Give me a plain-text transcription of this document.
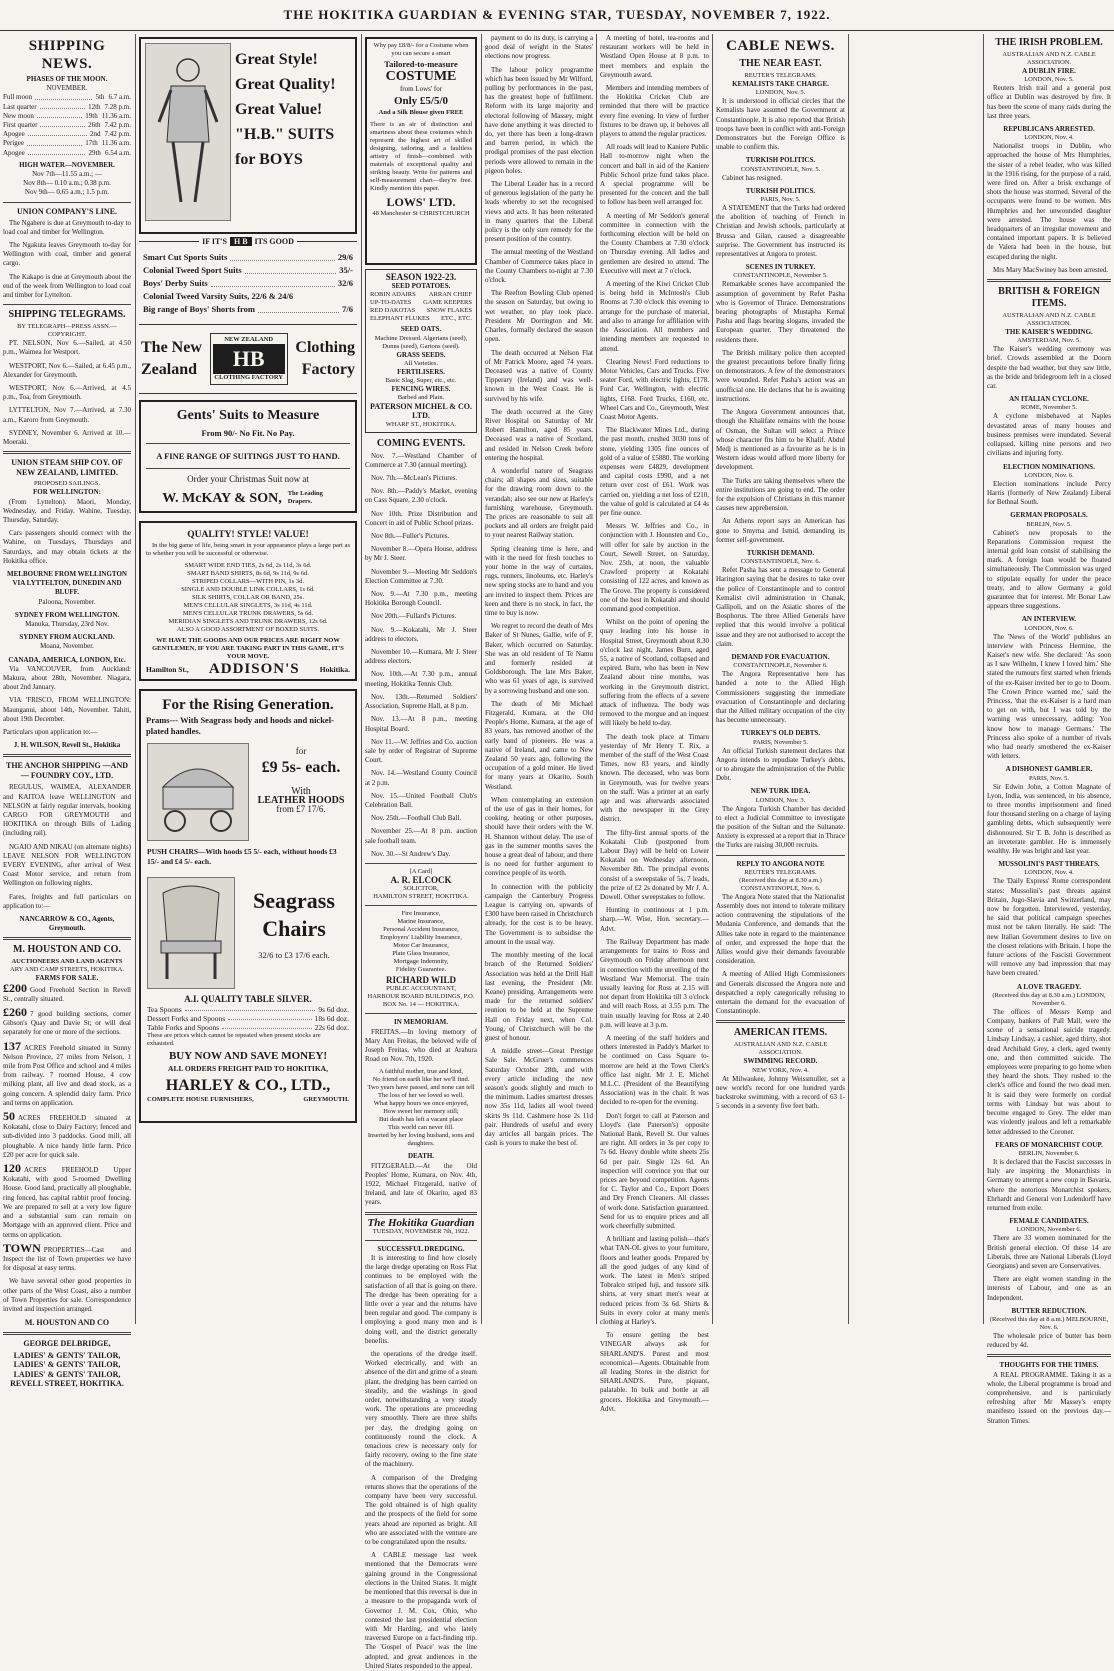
THE HOKITIKA GUARDIAN & EVENING STAR, TUESDAY, NOVEMBER 7, 1922.
SHIPPING NEWS.
PHASES OF THE MOON.
NOVEMBER.
Full moon	5th 6.7 a.m.
Last quarter	12th 7.28 p.m.
New moon	19th 11.36 a.m.
First quarter	26th 7.42 p.m.
Apogee	2nd 7.42 p.m.
Perigee	17th 11.36 a.m.
Apogee	29th 6.54 a.m.
HIGH WATER—NOVEMBER.
Nov 7th—11.55 a.m.; —
Nov 8th— 0.10 a.m.; 0.38 p.m.
Nov 9th— 0.65 a.m.; 1.5 p.m.
UNION COMPANY'S LINE.

The Ngahere is due at Greymouth to-day to load coal and timber for Wellington.

The Ngakuta leaves Greymouth to-day for Wellington with coal, timber and general cargo.

The Kakapo is due at Greymouth about the end of the week from Wellington to load coal and timber for Lyttelton.

SHIPPING TELEGRAMS.
BY TELEGRAPH—PRESS ASSN.—COPYRIGHT.

PT. NELSON, Nov 6.—Sailed, at 4.50 p.m., Waimea for Westport.

WESTPORT, Nov 6.—Sailed, at 6.45 p.m., Alexander for Greymouth.

WESTPORT, Nov 6.—Arrived, at 4.5 p.m., Toa, from Greymouth.

LYTTELTON, Nov 7.—Arrived, at 7.30 a.m., Karoro from Greymouth.

SYDNEY, November 6. Arrived at 10.—Moeraki.

UNION STEAM SHIP COY. OF NEW ZEALAND, LIMITED.
PROPOSED SAILINGS.
FOR WELLINGTON:

(From Lyttelton). Maori, Monday, Wednesday, and Friday. Wahine, Tuesday, Thursday, Saturday.

Cars passengers should connect with the Wahine, on Tuesdays, Thursdays and Saturdays, and may obtain tickets at the Hokitika office.

MELBOURNE FROM WELLINGTON VIA LYTTELTON, DUNEDIN AND BLUFF.

Paloona, November.

SYDNEY FROM WELLINGTON.

Manuka, Thursday, 23rd Nov.

SYDNEY FROM AUCKLAND.

Moana, November.

CANADA, AMERICA, LONDON, Etc.

Via VANCOUVER, from Auckland: Makura, about 28th, November. Niagara, about 2nd January.

VIA 'FRISCO, FROM WELLINGTON: Maunganui, about 14th, November. Tahiti, about 19th December.

Particulars upon application to:—

J. H. WILSON, Revell St., Hokitika

THE ANCHOR SHIPPING —AND— FOUNDRY COY., LTD.

REGULUS, WAIMEA, ALEXANDER and KAITOA leave WELLINGTON and NELSON at fairly regular intervals, booking CARGO FOR GREYMOUTH and HOKITIKA on through Bills of Lading (including rail).

NGAIO AND NIKAU (on alternate nights) LEAVE NELSON FOR WELLINGTON EVERY EVENING, after arrival of West Coast Motor service, and return from Wellington on following nights.

Fares, freights and full particulars on application to:—

NANCARROW & CO., Agents, Greymouth.

M. HOUSTON AND CO.
AUCTIONEERS AND LAND AGENTS
ARY AND CAMP STREETS, HOKITIKA.
FARMS FOR SALE.

£200 Good Freehold Section in Revell St., centrally situated.

£260 7 good building sections, corner Gibson's Quay and Davie St; or will deal separately for one or more of the sections.

137 ACRES Freehold situated in Sunny Nelson Province, 27 miles from Nelson, 1 mile from Post Office and school and 4 miles from railway. 7 roomed House, 4 cow milking plant, all live and dead stock, as a going concern. A splendid dairy farm. Price and terms on application.

50 ACRES FREEHOLD situated at Kokatahi, close to Dairy Factory; fenced and sub-divided into 3 paddocks. Good mill, all ploughable. A nice handy little farm. Price £20 per acre for quick sale.

120 ACRES FREEHOLD Upper Kokatahi, with good 5-roomed Dwelling House. Good land, practically all ploughable, ring fenced, has capital rabbit proof fencing. We are prepared to sell at a very low figure and a substantial sum can remain on Mortgage with an approved client. Price and terms on application.

TOWN PROPERTIES—Cast and Inspect the list of Town properties we have for disposal at easy terms.

We have several other good properties in other parts of the West Coast, also a number of Town Properties for sale. Correspondence invited and inspection arranged.

M. HOUSTON AND CO
GEORGE DELBRIDGE,
LADIES' & GENTS' TAILOR,
LADIES' & GENTS' TAILOR,
LADIES' & GENTS' TAILOR,
REVELL STREET, HOKITIKA.
Great Style!
Great Quality!
Great Value!
"H.B." SUITS
for BOYS
IF IT'S H B ITS GOOD
Smart Cut Sports Suits	29/6
Colonial Tweed Sport Suits	35/-
Boys' Derby Suits	32/6
Colonial Tweed Varsity Suits, 22/6 & 24/6
Big range of Boys' Shorts from	7/6
The New
Zealand
NEW ZEALAND
HB
CLOTHING FACTORY
Clothing
Factory
Gents' Suits to Measure
From 90/- No Fit. No Pay.
A FINE RANGE OF SUITINGS JUST TO HAND.
Order your Christmas Suit now at
W. McKAY & SON, The Leading Drapers.
QUALITY! STYLE! VALUE!

In the big game of life, being smart in your appearance plays a large part as to whether you will be successful or otherwise.

SMART WIDE END TIES, 2s 6d, 2s 11d, 3s 6d.
SMART BAND SHIRTS, 8s 6d, 9s 11d, 9s 6d.
STRIPED COLLARS—WITH PIN, 1s 3d.
SINGLE AND DOUBLE LINK COLLARS, 1s 6d.
SILK SHIRTS, COLLAR OR BAND, 25s.
MEN'S CELLULAR SINGLETS, 3s 11d, 4s 11d.
MEN'S CELLULAR TRUNK DRAWERS, 5s 6d.
MERIDIAN SINGLETS AND TRUNK DRAWERS, 12s 6d.
ALSO A GOOD ASSORTMENT OF BOXED SUITS.

WE HAVE THE GOODS AND OUR PRICES ARE RIGHT NOW GENTLEMEN, IF YOU ARE TAKING PART IN THIS GAME, IT'S YOUR MOVE.

Hamilton St., ADDISON'S	Hokitika.
For the Rising Generation.
Prams--- With Seagrass body and hoods and nickel-plated handles.
for
£9 5s- each.
With
LEATHER HOODS
from £7 17/6.
PUSH CHAIRS—With hoods £5 5/- each, without hoods £3 15/- and £4 5/- each.
Seagrass
Chairs
32/6 to £3 17/6 each.
A.I. QUALITY TABLE SILVER.
Tea Spoons	9s 6d doz.
Dessert Forks and Spoons	18s 6d doz.
Table Forks and Spoons	22s 6d doz.
These are prices which cannot be repeated when present stocks are exhausted.
BUY NOW AND SAVE MONEY!
ALL ORDERS FREIGHT PAID TO HOKITIKA,
HARLEY & CO., LTD.,
COMPLETE HOUSE FURNISHERS,	GREYMOUTH.
Why pay £8/8/- for a Costume when you can secure a smart
Tailored-to-measure
COSTUME
from Lows' for
Only £5/5/0
And a Silk Blouse given FREE
There is an air of distinction and smartness about these costumes which represent the highest art of skilled designing, tailoring, and a faultless artistry of finish—combined with materials of exceptional quality and striking beauty. Write for patterns and self-measurement chart—they're free. Kindly mention this paper.
LOWS' LTD.
48 Manchester St CHRISTCHURCH
SEASON 1922-23.
SEED POTATOES.
ROBIN ADAIRS ARRAN CHIEF
UP-TO-DATES GAME KEEPERS
RED DAKOTAS SNOW FLAKES
ELEPHANT FLUKES ETC., ETC.
SEED OATS.
Machine Dressed. Algerians (seed), Dunns (seed), Gartons (seed).
GRASS SEEDS.
All Varieties.
FERTILISERS.
Basic Slag, Super, etc., etc.
FENCING WIRES.
Barbed and Plain.
PATERSON MICHEL & CO. LTD.
WHARF ST., HOKITIKA.
COMING EVENTS.

Nov. 7.—Westland Chamber of Commerce at 7.30 (annual meeting).

Nov. 7th.—McLean's Pictures.

Nov. 8th.—Paddy's Market, evening on Cass Square, 2.30 o'clock.

Nov 10th. Prize Distribution and Concert in aid of Public School prizes.

Nov 8th.—Fuller's Pictures.

November 8.—Opera House, address by Mr J. Steer.

November 9.—Meeting Mr Seddon's Election Committee at 7.30.

Nov. 9.—At 7.30 p.m., meeting Hokitika Borough Council.

Nov 20th.—Fullard's Pictures.

Nov. 9.—Kokatahi, Mr J. Steer address to electors.

November 10.—Kumara, Mr J. Steer address electors.

Nov. 10th.—At 7.30 p.m., annual meeting, Hokitika Tennis Club.

Nov. 13th.—Returned Soldiers' Association, Supreme Hall, at 8 p.m.

Nov. 13.—At 8 p.m., meeting Hospital Board.

Nov 11.—W. Jeffries and Co. auction sale by order of Registrar of Supreme Court.

Nov. 14.—Westland County Council at 2 p.m.

Nov. 15.—United Football Club's Celebration Ball.

Nov. 25th.—Football Club Ball.

November 25.—At 8 p.m. auction sale football team.

Nov. 30.—St Andrew's Day.

[A Card]
A. R. ELCOCK
SOLICITOR,
HAMILTON STREET, HOKITIKA.
Fire Insurance,
Marine Insurance,
Personal Accident Insurance,
Employers' Liability Insurance,
Motor Car Insurance,
Plate Glass Insurance,
Mortgage Indemnity,
Fidelity Guarantee.
RICHARD WILD
PUBLIC ACCOUNTANT,
HARBOUR BOARD BUILDINGS, P.O. BOX No. 14 — HOKITIKA.
IN MEMORIAM.

FREITAS.—In loving memory of Mary Ann Freitas, the beloved wife of Joseph Freitas, who died at Arahura Road on Nov. 7th, 1920.

A faithful mother, true and kind,
No friend on earth like her we'll find.
Two years have passed, and none can tell
The loss of her we loved so well.
What happy hours we once enjoyed,
How sweet her memory still;
But death has left a vacant place
This world can never fill.

Inserted by her loving husband, sons and daughters.

DEATH.

FITZGERALD.—At the Old Peoples' Home, Kumara, on Nov. 4th, 1922, Michael Fitzgerald, native of Ireland, and late of Okarito, aged 83 years.

The Hokitika Guardian
TUESDAY, NOVEMBER 7th, 1922.
SUCCESSFUL DREDGING.

It is interesting to find how closely the large dredge operating on Ross Flat continues to be employed with the satisfaction of all that is going on there. The dredge has been operating for a little over a year and the returns have been regular and good. The company is employing a good many men and is doing well, and the district generally benefits.

the operations of the dredge itself. Worked electrically, and with an absence of the dirt and grime of a steam plant, the dredging has been carried on steadily, and the washings in good order, notwithstanding a very steady work. The operations are proceeding very smoothly. There are three shifts per day, the dredging going on continuously round the clock. A tenacious crew is necessary only for fairly recovery, owing to the fine state of the machinery.

A comparison of the Dredging returns shows that the operations of the company have been very successful. The gold obtained is of high quality and the prospects of the field for some years ahead are reported as bright. All who are associated with the venture are to be congratulated upon the results.

A CABLE message last week mentioned that the Democrats were gaining ground in the Congressional elections in the United States. It might be mentioned that this reversal is due in a measure to the propaganda work of Governor J. M. Cox, Ohio, who contested the last presidential election with Mr Harding, and who lately traversed Europe on a fact-finding trip. The 'Gospel of Peace' was the line adopted, and great audiences in the United States responded to the appeal.

payment to do its duty, is carrying a good deal of weight in the States' elections now progress.

The labour policy programme which has been issued by Mr Wilford, pulling by performances in the past, has the greatest hope of fulfilment. Reform with its large majority and electoral following of Massey, might have done anything it was directed to do, yet there has been a long-drawn and barren period, in which the prodigal promises of the past election periods were allowed to remain in the pigeon holes.

The Liberal Leader has in a record of generous legislation of the party he leads whereby to set the recognised views and acts. It has been reiterated in many quarters that the Liberal policy is the only sure remedy for the present position of the country.

The annual meeting of the Westland Chamber of Commerce takes place in the County Chambers to-night at 7.30 o'clock.

The Reefton Bowling Club opened the season on Saturday, but owing to wet weather, no play took place. President Mr Dorrington and Mr. Charles, formally declared the season open.

The death occurred at Nelson Flat of Mr Patrick Moore, aged 74 years. Deceased was a native of County Tipperary (Ireland) and was well-known in the West Coast. He is survived by his wife.

The death occurred at the Grey River Hospital on Saturday of Mr Robert Hamilton, aged 85 years. Deceased was a native of Scotland, and resided in Nelson Creek before entering the hospital.

A wonderful nature of Seagrass chairs; all shapes and sizes, suitable for the drawing room down to the verandah; also see our new at Harley's furnishing warehouse, Greymouth. The prices are reasonable to suit all pockets and all orders are freight paid to your nearest Railway station.

Spring cleaning time is here, and with it the need for fresh touches to your home in the way of curtains, rugs, runners, linoleums, etc. Harley's new spring stocks are to hand and you are invited to inspect them. Prices are keen and there is no stock, in fact, the time to buy is now.

We regret to record the death of Mrs Baker of St Nunes, Gallie, wife of F. Baker, which occurred on Saturday. She was an old resident of Te Namu and formerly resided at Goldsborough. The late Mrs Baker, who was 61 years of age, is survived by a sorrowing husband and one son.

The death of Mr Michael Fitzgerald, Kumara, at the Old People's Home, Kumara, at the age of 83 years, has removed another of the early band of pioneers. He was a native of Ireland, and came to New Zealand 50 years ago, following the occupation of a gold miner. He lived for many years at Okarito, South Westland.

When contemplating an extension of the use of gas in their homes, for cooking, heating or other purposes, should have their orders with the W. H. Shannon without delay. The use of gas in the summer months saves the house a great deal of labour, and there is no need for further argument to convince people of its worth.

In connection with the publicity campaign the Canterbury Progress League is carrying on, upwards of £300 have been raised in Christchurch already, for the cost is to be heavy. The Government is to subsidise the amount in the usual way.

The monthly meeting of the local branch of the Returned Soldiers' Association was held at the Drill Hall last evening, the President (Mr. Keane) presiding. Arrangements were made for the returned soldiers' reunion to be held at the Supreme Hall on Friday next, when Col. Young, of Christchurch will be the guest of honour.

A middle street—Great Prestige Sale Sale. McGruer's commences Saturday October 28th, and with every article including the new season's goods slightly and much to the minimum. Ladies smartest dresses now 35s 11d, ladies all wool tweed skirts 9s 11d. Cashmere hose 2s 11d pair. Hundreds of useful and every day articles all bargain prices. The cash is yours to make the best of.

A meeting of hotel, tea-rooms and restaurant workers will be held in Westland Open House at 8 p.m. to meet members and explain the Greymouth award.

Members and intending members of the Hokitika Cricket Club are reminded that there will be practice every fine evening. In view of further fixtures to be drawn up, it behoves all players to attend the regular practices.

All roads will lead to Kaniere Public Hall to-morrow night when the concert and ball in aid of the Kaniere Public School prize fund takes place. A special programme will be presented for the concert and the ball to follow has been well arranged for.

A meeting of Mr Seddon's general committee in connection with the forthcoming election will be held on the County Chambers at 7.30 o'clock on Thursday evening. All ladies and gentlemen are desired to attend. The Executive will meet at 7 o'clock.

A meeting of the Kiwi Cricket Club is being held in McIntosh's Club Rooms at 7.30 o'clock this evening to arrange for the purchase of material, and also to arrange for affiliation with the Association. All members and intending members are requested to attend.

Clearing News! Ford reductions to Motor Vehicles, Cars and Trucks. Five seater Ford, with electric lights, £178. Ford Car, Wellington, with electric lights, £168. Ford Trucks, £160, etc. Wheel Cars and Co., Greymouth, West Coast Motor Agents.

The Blackwater Mines Ltd., during the past month, crushed 3030 tons of stone, yielding 1305 fine ounces of gold of a value of £5880. The working expenses were £4829, development and capital costs £990, and a net return over cost of £61. Work was carried on, yielding a net loss of £210, the value of gold is calculated at £4 4s per fine ounce.

Messrs W. Jeffries and Co., in conjunction with J. Hounsten and Co., will offer for sale by auction in the Court, Sewell Street, on Saturday, Nov. 25th, at noon, the valuable Crawford property at Kokatahi consisting of 122 acres, and known as The Grove. The property is considered one of the best in Kokatahi and should command good competition.

Whilst on the point of opening the quay leading into his house in Hospital Street, Greymouth about 8.30 o'clock last night, James Burn, aged 55, a native of Scotland, collapsed and expired. Burn, who has been in New Zealand about nine months, was working in the Greymouth district, suffering from the effects of a severe attack of influenza. The body was removed to the morgue and an inquest will likely be held to-day.

The death took place at Timaru yesterday of Mr Henry T. Rix, a member of the staff of the West Coast Times, now 83 years, and kindly known. The deceased, who was born in Greymouth, was for twelve years on the staff. Was a printer at an early age and was afterwards associated with the newspaper in the Grey district.

The fifty-first annual sports of the Kokatahi Club (postponed from Labour Day) will be held on Lower Kokatahi on Wednesday afternoon, November 8th. The principal events consist of a sweepstake of 5s, 7 leads, the prize of £2 2s donated by Mr J. A. Dowell. Other sweepstakes to follow.

Hunting in continuous at 1 p.m. sharp.—W. Wise, Hon. secretary.—Advt.

The Railway Department has made arrangements for trains to Ross and Greymouth on Friday afternoon next in connection with the unveiling of the Westland War Memorial. The train usually leaving for Ross at 2.15 will not depart from Hokitika till 3 o'clock and will reach Ross, at 3.55 p.m. The train usually leaving for Ross at 2.40 p.m. will leave at 3 p.m.

A meeting of the staff holders and others interested in Paddy's Market to be continued on Cass Square to-morrow are held at the Town Clerk's office last night. Mr J. E. Michel M.L.C. (President of the Beautifying Association) was in the chair. It was decided to re-open for the evening.

Don't forget to call at Paterson and Lloyd's (late Paterson's) opposite National Bank, Revell St. Our values are right. All orders in 3s per copy to 7s 6d. Heavy double white sheets 25s 6d per pair. Single 12s 6d. An inspection will convince you that our prices are beyond competition. Agents for C. Taylor and Co., Export Doers and Dry French Cleaners. All classes of work done. Satisfaction guaranteed. Send for us to enquire prices and all work cheerfully submitted.

A brilliant and lasting polish—that's what TAN-OL gives to your furniture, floors and leather goods. Prepared by all the good judges of any kind of work. The latest in Men's striped Tobralco striped fuji, and tussore silk shirts, at very smart men's wear at reduced prices from 3s 6d. Shirts & Suits in every color at many men's clothing at Harley's.

To ensure getting the best VINEGAR always ask for SHARLAND'S. Purest and most economical—Agents. Obtainable from all leading Stores in the district for SHARLAND'S. Pure, piquant, palatable. In bulk and bottle at all grocers. Hokitika and Greymouth.—Advt.

CABLE NEWS.
THE NEAR EAST.
REUTER'S TELEGRAMS.
KEMALISTS TAKE CHARGE.
LONDON, Nov. 5.

It is understood in official circles that the Kemalists have assumed the Government at Constantinople. It is also reported that British troops have been in conflict with anti-Foreign Demonstrators but the Foreign Office is unable to confirm this.

TURKISH POLITICS.
CONSTANTINOPLE, Nov. 5.

Cabinet has resigned.

TURKISH POLITICS.
PARIS, Nov. 5.

A STATEMENT that the Turks had ordered the abolition of teaching of French in Christian and Jewish schools, particularly at Brussa and Gilan, caused a disagreeable surprise. The Government has instructed its representatives at Angora to protest.

SCENES IN TURKEY.
CONSTANTINOPLE, November 5.

Remarkable scenes have accompanied the assumption of government by Refet Pasha who is Governor of Thrace. Demonstrations bearing photographs of Mustapha Kemal Pasha and flags bearing slogans, invaded the European quarter. They threatened the residents there.

The British military police then accepted the greatest precautions before finally firing on demonstrators. A few of the demonstrators were wounded. Refet Pasha's action was an unofficial one. He declares that he is awaiting instructions.

The Angora Government announces that, though the Khalifate remains with the house of Osman, the Sultan will select a Prince whose character fits him to be Khalif. Abdul Medj is mentioned as a favourite as he is in Western ideas would afford more liberty for development.

The Turks are taking themselves where the entire institutions are going to end. The order for the expulsion of Christians in this manner causes new apprehension.

An Athens report says an American has gone to Smyrna and Ismid, demanding its former self-government.

TURKISH DEMAND.
CONSTANTINOPLE, Nov. 6.

Refet Pasha has sent a message to General Harington saying that he desires to take over the police of Constantinople and to control Kemalist civil administration in Chanak, Gallipoli, and on the Asiatic shores of the Bosphorus. The three Allied Generals have replied that this would involve a political issue and they are not authorised to accept the claim.

DEMAND FOR EVACUATION.
CONSTANTINOPLE, November 6.

The Angora Representative here has handed a note to the Allied High Commissioners suggesting the immediate evacuation of Constantinople and declaring that the Allied military occupation of the city has become unnecessary.

TURKEY'S OLD DEBTS.
PARIS, November 5.

An official Turkish statement declares that Angora intends to repudiate Turkey's debts, or to abrogate the administration of the Public Debt.

NEW TURK IDEA.
LONDON, Nov. 3.

The Angora Turkish Chamber has decided to elect a Judicial Committee to investigate the position of the Sultan and the Sultanate. Anxiety is expressed at a report that in Thrace the Turks are raising 30,000 recruits.

REPLY TO ANGORA NOTE
REUTER'S TELEGRAMS.
(Received this day at 8.30 a.m.) CONSTANTINOPLE, Nov. 6.

The Angora Note stated that the Nationalist Assembly does not intend to tolerate military action contravening the stipulations of the Mudania Conference, and demands that the Allies take note in regard to the maintenance of order, and expressed the hope that the Allies would give their demands favourable consideration.

A meeting of Allied High Commissioners and Generals discussed the Angora note and despatched a reply categorically refusing to entertain the demand for the evacuation of Constantinople.

AMERICAN ITEMS.
AUSTRALIAN AND N.Z. CABLE ASSOCIATION.
SWIMMING RECORD.
NEW YORK, Nov. 4.

At Milwaukee, Johnny Weissmuller, set a new world's record for one hundred yards backstroke swimming, with a record of 63 1-5 seconds in a seventy five feet bath.

THE IRISH PROBLEM.
AUSTRALIAN AND N.Z. CABLE ASSOCIATION.
A DUBLIN FIRE.
LONDON, Nov. 5.

Reuters Irish trail and a general post office at Dublin was destroyed by fire. It has been the scene of many raids during the last three years.

REPUBLICANS ARRESTED.
LONDON, Nov. 4.

Nationalist troops in Dublin, who approached the house of Mrs Humphries, the sister of a rebel leader, who was killed in the 1916 rising, for the purpose of a raid, were fired on. After a brisk exchange of shots the house was stormed. Several of the occupants were found to be women. Mrs Humphries and her unwounded daughter were arrested. The house was the headquarters of an irregular movement and contained important papers. It is believed de Valera had been in the house, but escaped during the night.

Mrs Mary MacSwiney has been arrested.

BRITISH & FOREIGN ITEMS.
AUSTRALIAN AND N.Z. CABLE ASSOCIATION.
THE KAISER'S WEDDING.
AMSTERDAM, Nov. 5.

The Kaiser's wedding ceremony was brief. Crowds assembled at the Doorn despite the bad weather, but they saw little, as the bride and bridegroom left in a closed car.

AN ITALIAN CYCLONE.
ROME, November 5.

A cyclone misbehaved at Naples devastated areas of many houses and business premises were inundated. Several collapsed, killing nine persons and two civilians and injuring forty.

ELECTION NOMINATIONS.
LONDON, Nov. 6.

Election nominations include Percy Harris (formerly of New Zealand) Liberal for Bethnal South.

GERMAN PROPOSALS.
BERLIN, Nov. 5.

Cabinet's new proposals to the Reparations Commission request the internal gold loan consist of stabilising the mark. A foreign loan would be floated simultaneously. The Commission was urged to stipulate equally for under the peace treaty, and to allow Germany a gold guarantee that for interest. Mr Bonar Law appears three suggestions.

AN INTERVIEW.
LONDON, Nov. 6.

The 'News of the World' publishes an interview with Princess Hermine, the Kaiser's new wife. She declared: 'As soon as I saw Wilhelm, I knew I loved him.' She stated the rumours first started when friends of the ex-Kaiser invited her to go to Doorn. The Crown Prince warned me,' said the Princess, 'that the ex-Kaiser is a hard man to get on with, but I was told by the warning was unnecessary, adding: You know how to manage Germans.' The Princess also spoke of a number of rivals who had nearly smothered the ex-Kaiser with letters.

A DISHONEST GAMBLER.
PARIS, Nov. 5.

Sir Edwin John, a Cotton Magnate of Lyon, India, was sentenced, in his absence, to three months imprisonment and fined four thousand sterling on a charge of laying gambling debts, which subsequently were dishonoured. Sir T. B. John is described as an inveterate gambler. He is immensely wealthy. He was bright and last year.

MUSSOLINI'S PAST THREATS.
LONDON, Nov. 4.

The 'Daily Express' Rome correspondent states: Mussolini's past threats against Britain, Jugo-Slavia and Switzerland, may now be forgotten. Interviewed, yesterday, he said that political campaign speeches must not be taken literally. He said: 'The new Italian Government desires to live on the closest relations with Britain. I hope the future actions of the Fascisti Government will remove any bad impression that may have been created.'

A LOVE TRAGEDY.
(Received this day at 8.30 a.m.) LONDON, November 6.

The offices of Messrs Kemp and Company, bankers of Pall Mall, were the scene of a sensational suicide tragedy. Lindsay Lindsay, a cashier, aged thirty, shot dead Archibald Grey, a clerk, aged twenty one, and then committed suicide. The employees were preparing to go home when they heard the shots. They rushed to the clerk's office and found the two dead men. It is said they were formerly on cordial terms with Lindsay but was about to become engaged to Grey. The elder man was violently jealous and left a remarkable letter addressed to the Coroner.

FEARS OF MONARCHIST COUP.
BERLIN, November 6.

It is declared that the Fascist successes in Italy are inspiring the Monarchists in Germany to attempt a new coup in Bavaria, where the notorious Monarchist spokers, Ehrhardt and General von Ludendorff have returned from exile.

FEMALE CANDIDATES.
LONDON, November 6.

There are 33 women nominated for the British general election. Of these 14 are Liberals, three are National Liberals (Lloyd Georgians) and seven are Conservatives.

There are eight women standing in the interests of Labour, and one as an Independent.

BUTTER REDUCTION.
(Received this day at 8 a.m.) MELBOURNE, Nov. 6.

The wholesale price of butter has been reduced by 4d.

THOUGHTS FOR THE TIMES.

A REAL PROGRAMME. Taking it as a whole, the Liberal programme is broad and comprehensive, and is particularly refreshing after Mr Massey's empty manifesto issued on the previous day.—Stratton Times.
